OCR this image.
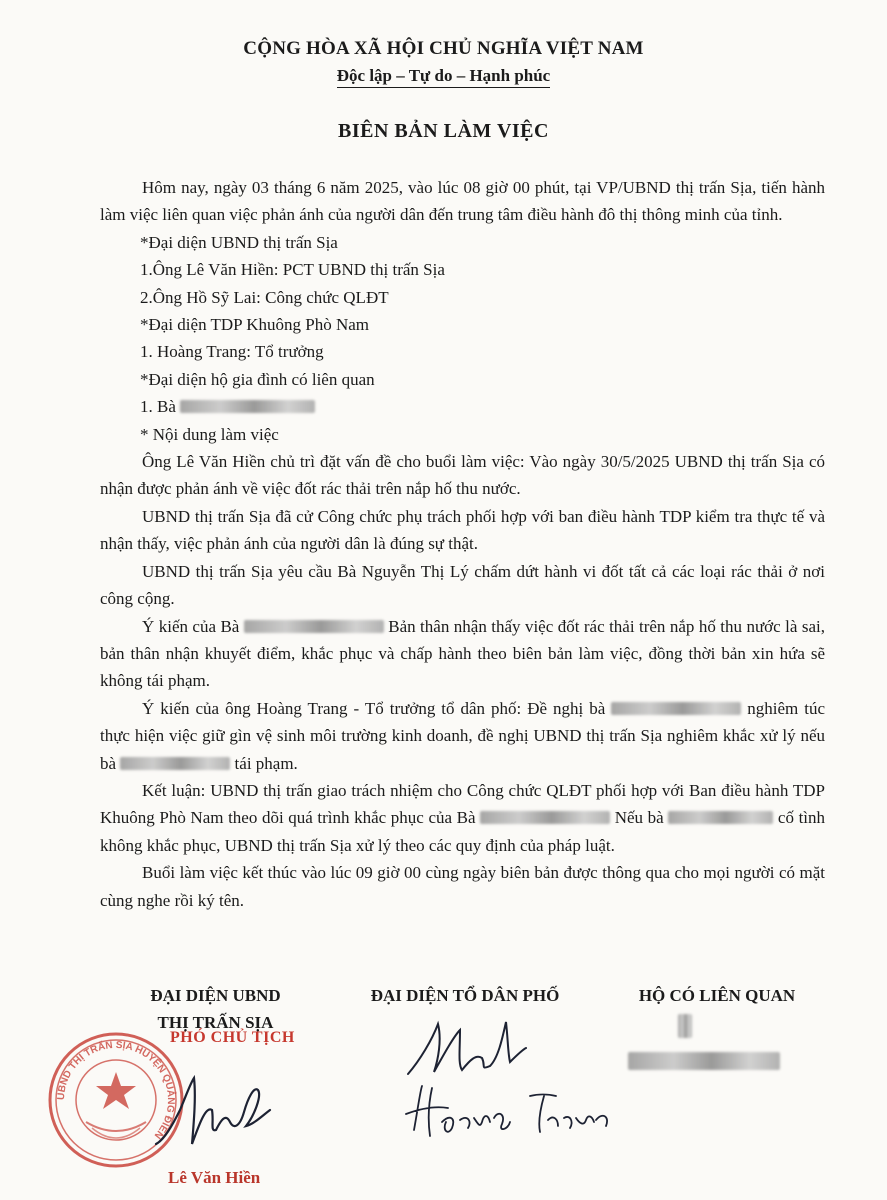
CỘNG HÒA XÃ HỘI CHỦ NGHĨA VIỆT NAM
Độc lập – Tự do – Hạnh phúc
BIÊN BẢN LÀM VIỆC

Hôm nay, ngày 03 tháng 6 năm 2025, vào lúc 08 giờ 00 phút, tại VP/UBND thị trấn Sịa, tiến hành làm việc liên quan việc phản ánh của người dân đến trung tâm điều hành đô thị thông minh của tỉnh.

*Đại diện UBND thị trấn Sịa

1.Ông Lê Văn Hiền: PCT UBND thị trấn Sịa

2.Ông Hồ Sỹ Lai: Công chức QLĐT

*Đại diện TDP Khuông Phò Nam

1. Hoàng Trang: Tổ trưởng

*Đại diện hộ gia đình có liên quan

1. Bà

* Nội dung làm việc

Ông Lê Văn Hiền chủ trì đặt vấn đề cho buổi làm việc: Vào ngày 30/5/2025 UBND thị trấn Sịa có nhận được phản ánh về việc đốt rác thải trên nắp hố thu nước.

UBND thị trấn Sịa đã cử Công chức phụ trách phối hợp với ban điều hành TDP kiểm tra thực tế và nhận thấy, việc phản ánh của người dân là đúng sự thật.

UBND thị trấn Sịa yêu cầu Bà Nguyễn Thị Lý chấm dứt hành vi đốt tất cả các loại rác thải ở nơi công cộng.

Ý kiến của Bà	Bản thân nhận thấy việc đốt rác thải trên nắp hố thu nước là sai, bản thân nhận khuyết điểm, khắc phục và chấp hành theo biên bản làm việc, đồng thời bản xin hứa sẽ không tái phạm.

Ý kiến của ông Hoàng Trang - Tổ trưởng tổ dân phố: Đề nghị bà	nghiêm túc thực hiện việc giữ gìn vệ sinh môi trường kinh doanh, đề nghị UBND thị trấn Sịa nghiêm khắc xử lý nếu bà	tái phạm.

Kết luận: UBND thị trấn giao trách nhiệm cho Công chức QLĐT phối hợp với Ban điều hành TDP Khuông Phò Nam theo dõi quá trình khắc phục của Bà	Nếu bà	cố tình không khắc phục, UBND thị trấn Sịa xử lý theo các quy định của pháp luật.

Buổi làm việc kết thúc vào lúc 09 giờ 00 cùng ngày biên bản được thông qua cho mọi người có mặt cùng nghe rồi ký tên.

ĐẠI DIỆN UBND
THỊ TRẤN SỊA
ĐẠI DIỆN TỔ DÂN PHỐ	HỘ CÓ LIÊN QUAN
PHÓ CHỦ TỊCH
UBND THỊ TRẤN SỊA HUYỆN QUẢNG ĐIỀN
Lê Văn Hiền
